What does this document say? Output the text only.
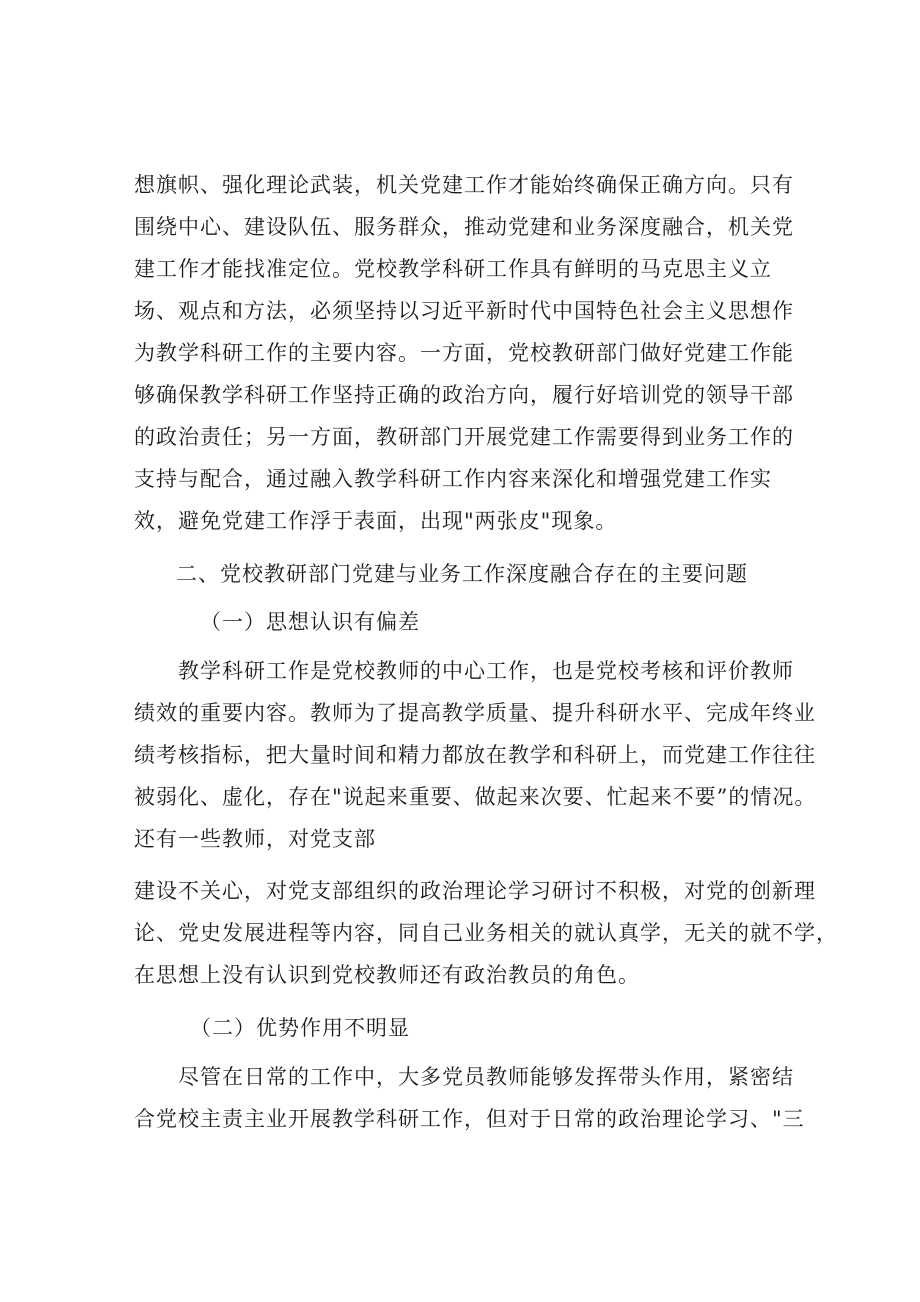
想旗帜、强化理论武装，机关党建工作才能始终确保正确方向。只有
围绕中心、建设队伍、服务群众，推动党建和业务深度融合，机关党
建工作才能找准定位。党校教学科研工作具有鲜明的马克思主义立
场、观点和方法，必须坚持以习近平新时代中国特色社会主义思想作
为教学科研工作的主要内容。一方面，党校教研部门做好党建工作能
够确保教学科研工作坚持正确的政治方向，履行好培训党的领导干部
的政治责任；另一方面，教研部门开展党建工作需要得到业务工作的
支持与配合，通过融入教学科研工作内容来深化和增强党建工作实
效，避免党建工作浮于表面，出现"两张皮"现象。
二、党校教研部门党建与业务工作深度融合存在的主要问题
（一）思想认识有偏差
教学科研工作是党校教师的中心工作，也是党校考核和评价教师
绩效的重要内容。教师为了提高教学质量、提升科研水平、完成年终业
绩考核指标，把大量时间和精力都放在教学和科研上，而党建工作往往
被弱化、虚化，存在"说起来重要、做起来次要、忙起来不要”的情况。
还有一些教师，对党支部
建设不关心，对党支部组织的政治理论学习研讨不积极，对党的创新理
论、党史发展进程等内容，同自己业务相关的就认真学，无关的就不学，
在思想上没有认识到党校教师还有政治教员的角色。
（二）优势作用不明显
尽管在日常的工作中，大多党员教师能够发挥带头作用，紧密结
合党校主责主业开展教学科研工作，但对于日常的政治理论学习、"三
